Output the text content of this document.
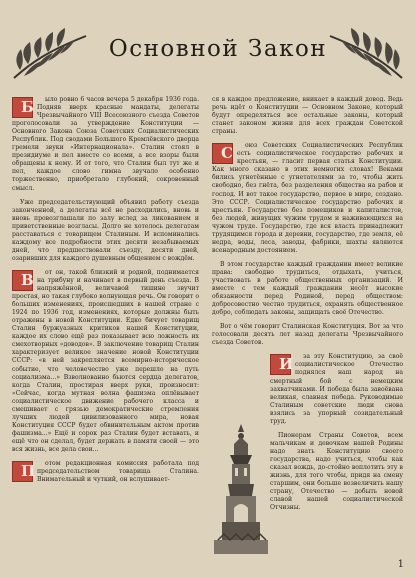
Основной Закон

Б ыло ровно 6 часов вечера 5 декабря 1936 года. Подняв вверх красные мандаты, делегаты Чрезвычайного VIII Всесоюзного съезда Советов проголосовали за утверждение Конституции — Основного Закона Союза Советских Социалистических Республик. Под сводами Большого Кремлёвского дворца гремели звуки «Интернационала». Сталин стоял в президиуме и пел вместе со всеми, а все взоры были обращены к нему. И от того, что Сталин был тут же и пел, каждое слово гимна звучало особенно торжественно, приобретало глубокий, сокровенный смысл.

Уже председательствующий объявил работу съезда законченной, а делегаты всё не расходились, вновь и вновь провозглашали по залу вслед за ликованием и приветственные возгласы. Долго не хотелось делегатам расставаться с товарищем Сталиным. И вспоминались каждому все подробности этих десяти незабываемых дней, что предшествовали съезду, десяти дней, озаривших для каждого душевным общением с вождём.

В от он, такой близкий и родной, поднимается на трибуну и начинает в первый день съезда. В напряжённой, величавой тишине звучит простая, но такая глубоко волнующая речь. Он говорит о больших изменениях, происшедших в нашей стране с 1924 по 1936 год, изменениях, которые должны быть отражены в новой Конституции. Едко бичует товарищ Сталин буржуазных критиков нашей Конституции, каждое их слово ещё раз показывает всю ложность их смехотворных «доводов». В заключение товарищ Сталин характеризует великое значение новой Конституции СССР: «в ней закрепляется всемирно-историческое событие, что человечество уже перешло на путь социализма…» Взволнованно бьются сердца делегатов, когда Сталин, простирая вверх руки, произносит: «Сейчас, когда мутная волна фашизма оплёвывает социалистическое движение рабочего класса и смешивает с грязью демократические стремления лучших людей цивилизованного мира, новая Конституция СССР будет обвинительным актом против фашизма...» Ещё и сорок раз Сталин будет вставать, и ещё что он сделал, будет держать в памяти своей — это вся жизнь, все дела свои...

П отом редакционная комиссия работала под председательством товарища Сталина. Внимательный и чуткий, он вслушивает-

ся в каждое предложение, вникает в каждый довод. Ведь речь идёт о Конституции — Основном Законе, который будут определяться все остальные законы, который станет законом жизни для всех граждан Советской страны.

С оюз Советских Социалистических Республик есть социалистическое государство рабочих и крестьян, — гласит первая статья Конституции. Как много сказано в этих немногих словах! Веками бились угнетённые с угнетателями за то, чтобы жить свободно, без гнёта, без разделения общества на рабов и господ. И вот такое государство, первое в мире, создано. Это СССР. Социалистическое государство рабочих и крестьян. Государство без помещиков и капиталистов, без людей, живущих чужим трудом и наживающихся на чужом труде. Государство, где вся власть принадлежит трудящимся города и деревни, государство, где земля, её недра, воды, леса, заводы, фабрики, шахты являются всенародным достоянием.

В этом государстве каждый гражданин имеет великие права: свободно трудиться, отдыхать, учиться, участвовать в работе общественных организаций. И вместе с тем каждый гражданин несёт высокие обязанности перед Родиной, перед обществом: добросовестно честно трудиться, охранять общественное добро, соблюдать законы, защищать своё Отечество.

Вот о чём говорит Сталинская Конституция. Вот за что голосовали десять лет назад делегаты Чрезвычайного съезда Советов.

И за эту Конституцию, за своё социалистическое Отечество поднялся наш народ на смертный бой с немецким захватчиками. И победа была завоёвана великая, славная победа. Руководимые Сталиным советские люди снова взялись за упорный созидательный труд.

Пионерам Страны Советов, всем мальчикам и девочкам нашей Родины надо знать Конституцию своего государства, надо учиться, чтобы как сказал вождь, до-стойно воплотить эту в жизнь, для того чтобы, придя на смену старшим, они больше возвеличить нашу страну, Отечество — добыть новой славой нашей социалистической Отчизны.

1
